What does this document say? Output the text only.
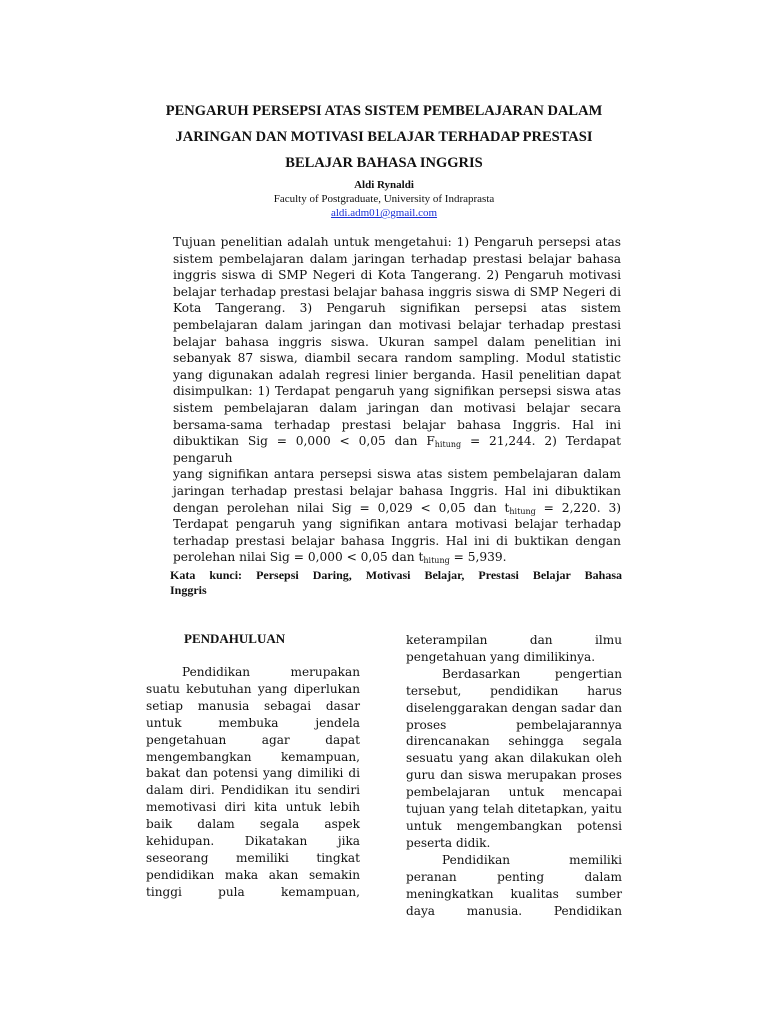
PENGARUH PERSEPSI ATAS SISTEM PEMBELAJARAN DALAM
JARINGAN DAN MOTIVASI BELAJAR TERHADAP PRESTASI
BELAJAR BAHASA INGGRIS
Aldi Rynaldi
Faculty of Postgraduate, University of Indraprasta
aldi.adm01@gmail.com
Tujuan penelitian adalah untuk mengetahui: 1) Pengaruh persepsi atas
sistem pembelajaran dalam jaringan terhadap prestasi belajar bahasa
inggris siswa di SMP Negeri di Kota Tangerang. 2) Pengaruh motivasi
belajar terhadap prestasi belajar bahasa inggris siswa di SMP Negeri di
Kota Tangerang. 3) Pengaruh signifikan persepsi atas sistem
pembelajaran dalam jaringan dan motivasi belajar terhadap prestasi
belajar bahasa inggris siswa. Ukuran sampel dalam penelitian ini
sebanyak 87 siswa, diambil secara random sampling. Modul statistic
yang digunakan adalah regresi linier berganda. Hasil penelitian dapat
disimpulkan: 1) Terdapat pengaruh yang signifikan persepsi siswa atas
sistem pembelajaran dalam jaringan dan motivasi belajar secara
bersama-sama terhadap prestasi belajar bahasa Inggris. Hal ini
dibuktikan Sig = 0,000 < 0,05 dan $F_{hitung} = 21,244$. 2) Terdapat pengaruh
yang signifikan antara persepsi siswa atas sistem pembelajaran dalam
jaringan terhadap prestasi belajar bahasa Inggris. Hal ini dibuktikan
dengan perolehan nilai Sig = 0,029 < 0,05 dan $t_{hitung} = 2,220$. 3)
Terdapat pengaruh yang signifikan antara motivasi belajar terhadap
terhadap prestasi belajar bahasa Inggris. Hal ini di buktikan dengan
perolehan nilai Sig = 0,000 < 0,05 dan $t_{hitung} = 5,939$.
Kata kunci: Persepsi Daring, Motivasi Belajar, Prestasi Belajar Bahasa
Inggris
PENDAHULUAN
Pendidikan merupakan
suatu kebutuhan yang diperlukan
setiap manusia sebagai dasar
untuk membuka jendela
pengetahuan agar dapat
mengembangkan kemampuan,
bakat dan potensi yang dimiliki di
dalam diri. Pendidikan itu sendiri
memotivasi diri kita untuk lebih
baik dalam segala aspek
kehidupan. Dikatakan jika
seseorang memiliki tingkat
pendidikan maka akan semakin
tinggi pula kemampuan,
keterampilan dan ilmu
pengetahuan yang dimilikinya.
Berdasarkan pengertian
tersebut, pendidikan harus
diselenggarakan dengan sadar dan
proses pembelajarannya
direncanakan sehingga segala
sesuatu yang akan dilakukan oleh
guru dan siswa merupakan proses
pembelajaran untuk mencapai
tujuan yang telah ditetapkan, yaitu
untuk mengembangkan potensi
peserta didik.
Pendidikan memiliki
peranan penting dalam
meningkatkan kualitas sumber
daya manusia. Pendidikan
